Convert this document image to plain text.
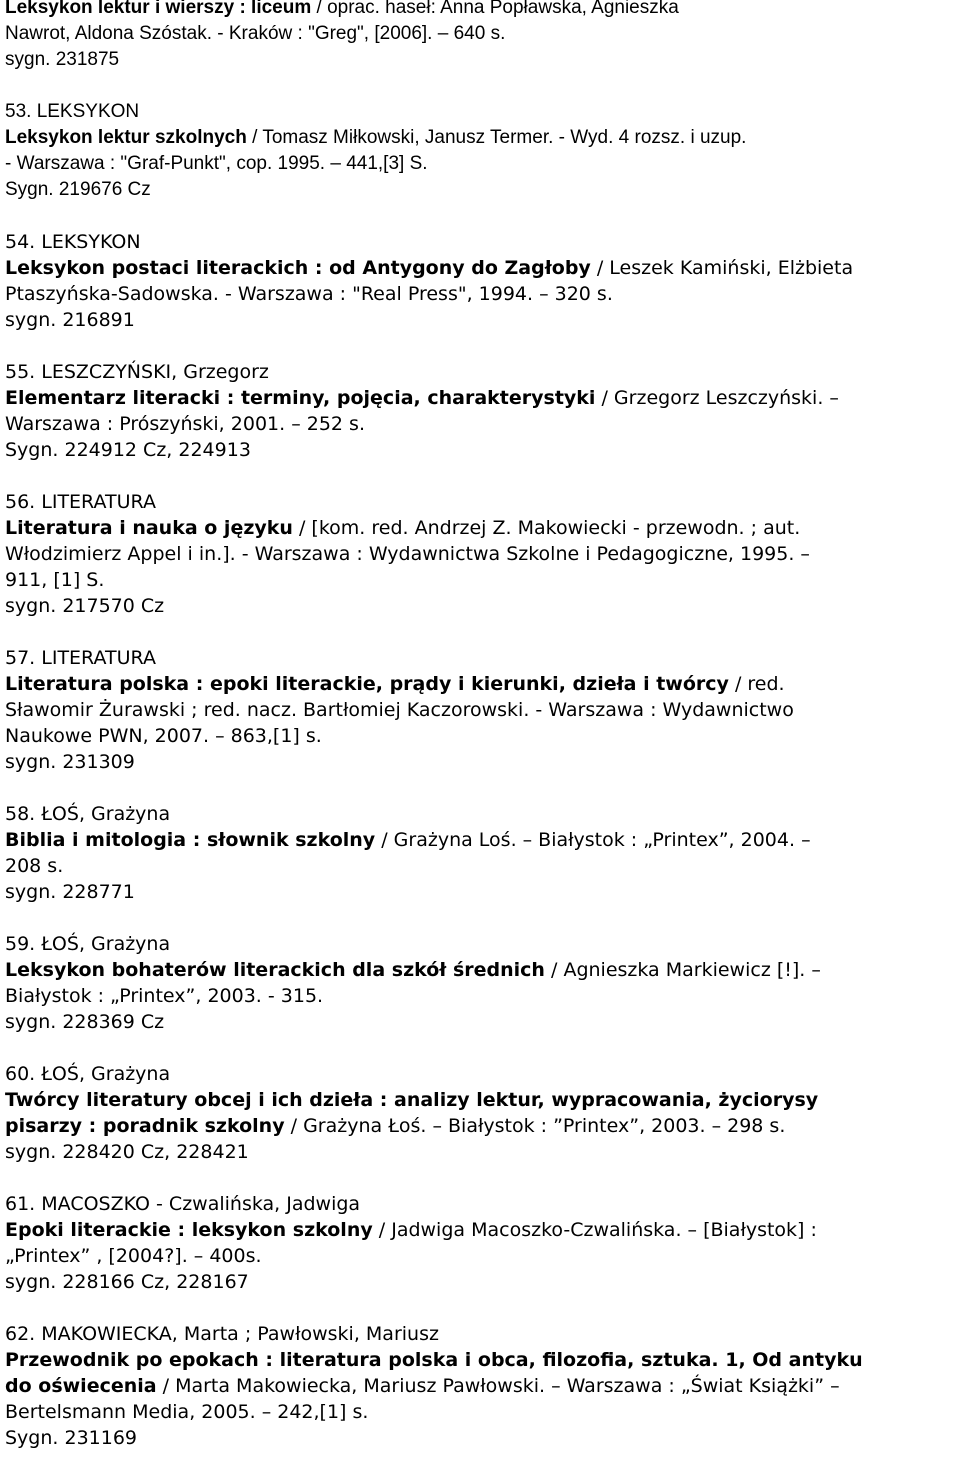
Leksykon lektur i wierszy : liceum / oprac. haseł: Anna Popławska, Agnieszka
Nawrot, Aldona Szóstak. - Kraków : "Greg", [2006]. – 640 s.
sygn. 231875
53. LEKSYKON
Leksykon lektur szkolnych / Tomasz Miłkowski, Janusz Termer. - Wyd. 4 rozsz. i uzup.
- Warszawa : "Graf-Punkt", cop. 1995. – 441,[3] S.
Sygn. 219676 Cz
54. LEKSYKON
Leksykon postaci literackich : od Antygony do Zagłoby / Leszek Kamiński, Elżbieta
Ptaszyńska-Sadowska. - Warszawa : "Real Press", 1994. – 320 s.
sygn. 216891
55. LESZCZYŃSKI, Grzegorz
Elementarz literacki : terminy, pojęcia, charakterystyki / Grzegorz Leszczyński. –
Warszawa : Prószyński, 2001. – 252 s.
Sygn. 224912 Cz, 224913
56. LITERATURA
Literatura i nauka o języku / [kom. red. Andrzej Z. Makowiecki - przewodn. ; aut.
Włodzimierz Appel i in.]. - Warszawa : Wydawnictwa Szkolne i Pedagogiczne, 1995. –
911, [1] S.
sygn. 217570 Cz
57. LITERATURA
Literatura polska : epoki literackie, prądy i kierunki, dzieła i twórcy / red.
Sławomir Żurawski ; red. nacz. Bartłomiej Kaczorowski. - Warszawa : Wydawnictwo
Naukowe PWN, 2007. – 863,[1] s.
sygn. 231309
58. ŁOŚ, Grażyna
Biblia i mitologia : słownik szkolny / Grażyna Loś. – Białystok : „Printex”, 2004. –
208 s.
sygn. 228771
59. ŁOŚ, Grażyna
Leksykon bohaterów literackich dla szkół średnich / Agnieszka Markiewicz [!]. –
Białystok : „Printex”, 2003. - 315.
sygn. 228369 Cz
60. ŁOŚ, Grażyna
Twórcy literatury obcej i ich dzieła : analizy lektur, wypracowania, życiorysy
pisarzy : poradnik szkolny / Grażyna Łoś. – Białystok : ”Printex”, 2003. – 298 s.
sygn. 228420 Cz, 228421
61. MACOSZKO - Czwalińska, Jadwiga
Epoki literackie : leksykon szkolny / Jadwiga Macoszko-Czwalińska. – [Białystok] :
„Printex” , [2004?]. – 400s.
sygn. 228166 Cz, 228167
62. MAKOWIECKA, Marta ; Pawłowski, Mariusz
Przewodnik po epokach : literatura polska i obca, filozofia, sztuka. 1, Od antyku
do oświecenia / Marta Makowiecka, Mariusz Pawłowski. – Warszawa : „Świat Książki” –
Bertelsmann Media, 2005. – 242,[1] s.
Sygn. 231169
